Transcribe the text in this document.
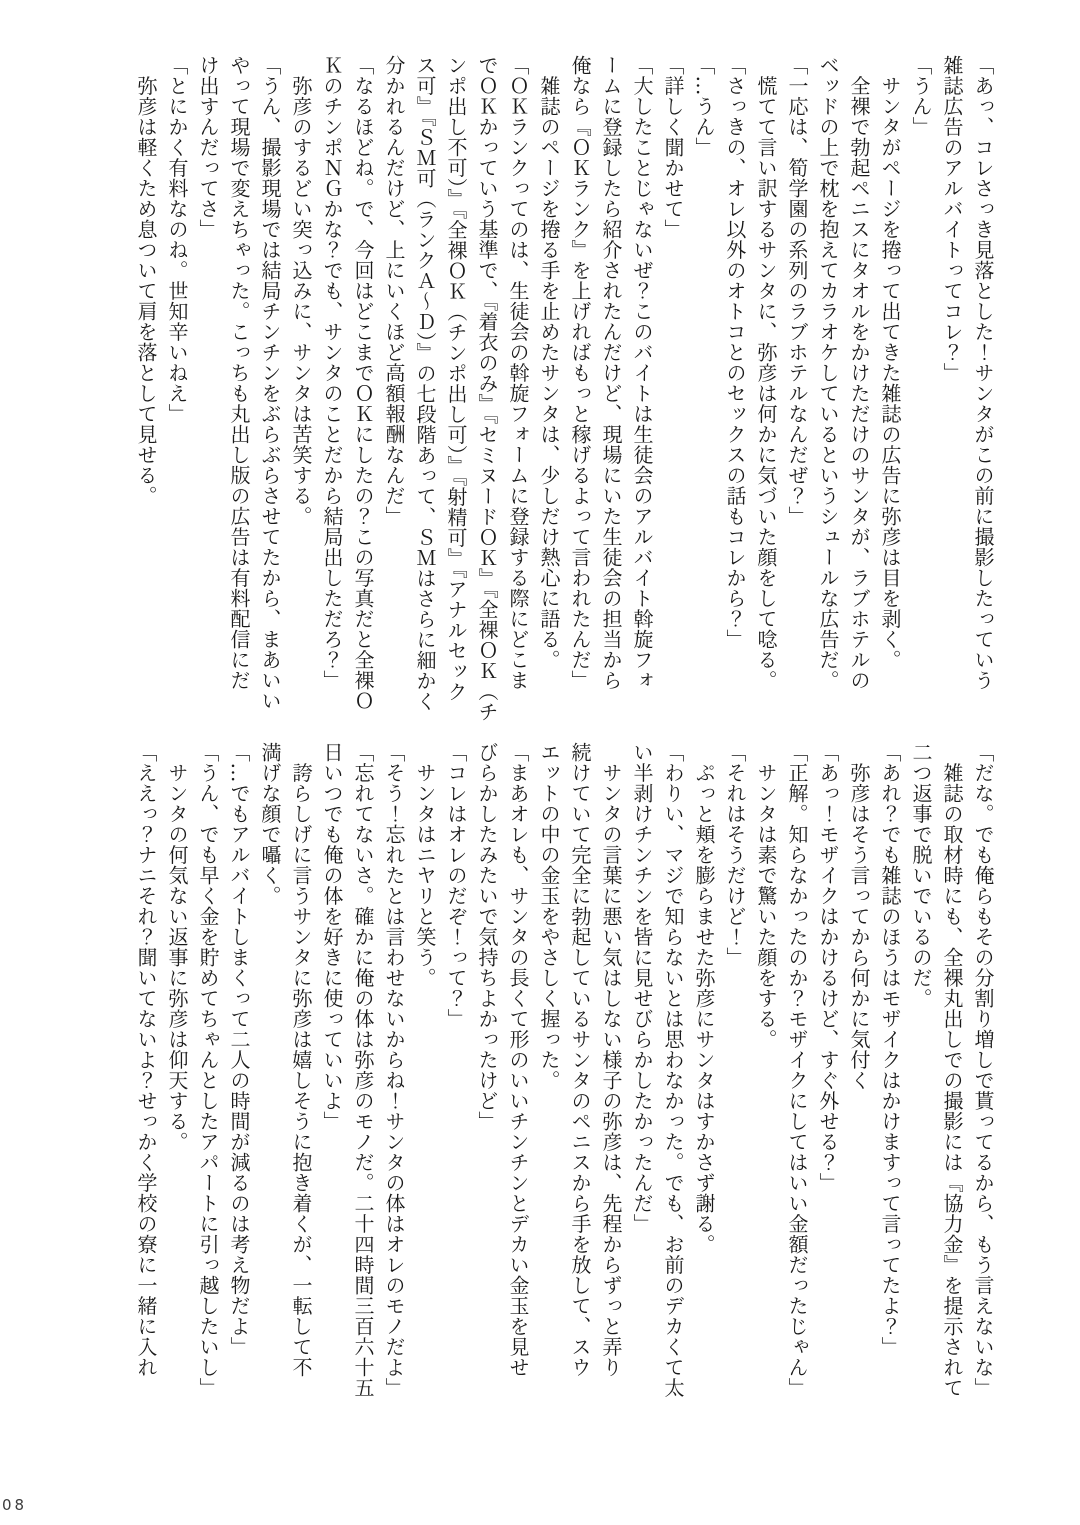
「あっ、コレさっき見落とした！サンタがこの前に撮影したっていう

雑誌広告のアルバイトってコレ？」

「うん」

　サンタがページを捲って出てきた雑誌の広告に弥彦は目を剥く。

　全裸で勃起ペニスにタオルをかけただけのサンタが、ラブホテルの

ベッドの上で枕を抱えてカラオケしているというシュールな広告だ。

「一応は、筍学園の系列のラブホテルなんだぜ？」

　慌てて言い訳するサンタに、弥彦は何かに気づいた顔をして唸る。

「さっきの、オレ以外のオトコとのセックスの話もコレから？」

「…うん」

「詳しく聞かせて」

「大したことじゃないぜ？このバイトは生徒会のアルバイト斡旋フォ

ームに登録したら紹介されたんだけど、現場にいた生徒会の担当から

俺なら『ＯＫランク』を上げればもっと稼げるよって言われたんだ」

　雑誌のページを捲る手を止めたサンタは、少しだけ熱心に語る。

「ＯＫランクってのは、生徒会の斡旋フォームに登録する際にどこま

でＯＫかっていう基準で、『着衣のみ』『セミヌードＯＫ』『全裸ＯＫ（チ

ンポ出し不可）』『全裸ＯＫ（チンポ出し可）』『射精可』『アナルセック

ス可』『ＳＭ可（ランクＡ～Ｄ）』の七段階あって、ＳＭはさらに細かく

分かれるんだけど、上にいくほど高額報酬なんだ」

「なるほどね。で、今回はどこまでＯＫにしたの？この写真だと全裸Ｏ

ＫのチンポＮＧかな？でも、サンタのことだから結局出しただろ？」

　弥彦のするどい突っ込みに、サンタは苦笑する。

「うん、撮影現場では結局チンチンをぶらぶらさせてたから、まあいい

やって現場で変えちゃった。こっちも丸出し版の広告は有料配信にだ

け出すんだってさ」

「とにかく有料なのね。世知辛いねえ」

　弥彦は軽くため息ついて肩を落として見せる。

「だな。でも俺らもその分割り増しで貰ってるから、もう言えないな」

　雑誌の取材時にも、全裸丸出しでの撮影には『協力金』を提示されて

二つ返事で脱いでいるのだ。

「あれ？でも雑誌のほうはモザイクはかけますって言ってたよ？」

　弥彦はそう言ってから何かに気付く

「あっ！モザイクはかけるけど、すぐ外せる？」

「正解。知らなかったのか？モザイクにしてはいい金額だったじゃん」

　サンタは素で驚いた顔をする。

「それはそうだけど！」

　ぷっと頬を膨らませた弥彦にサンタはすかさず謝る。

「わりい、マジで知らないとは思わなかった。でも、お前のデカくて太

い半剥けチンチンを皆に見せびらかしたかったんだ」

　サンタの言葉に悪い気はしない様子の弥彦は、先程からずっと弄り

続けていて完全に勃起しているサンタのペニスから手を放して、スウ

エットの中の金玉をやさしく握った。

「まあオレも、サンタの長くて形のいいチンチンとデカい金玉を見せ

びらかしたみたいで気持ちよかったけど」

「コレはオレのだぞ！って？」

　サンタはニヤリと笑う。

「そう！忘れたとは言わせないからね！サンタの体はオレのモノだよ」

「忘れてないさ。確かに俺の体は弥彦のモノだ。二十四時間三百六十五

日いつでも俺の体を好きに使っていいよ」

　誇らしげに言うサンタに弥彦は嬉しそうに抱き着くが、一転して不

満げな顔で囁く。

「…でもアルバイトしまくって二人の時間が減るのは考え物だよ」

「うん、でも早く金を貯めてちゃんとしたアパートに引っ越したいし」

　サンタの何気ない返事に弥彦は仰天する。

「ええっ？ナニそれ？聞いてないよ？せっかく学校の寮に一緒に入れ

08
